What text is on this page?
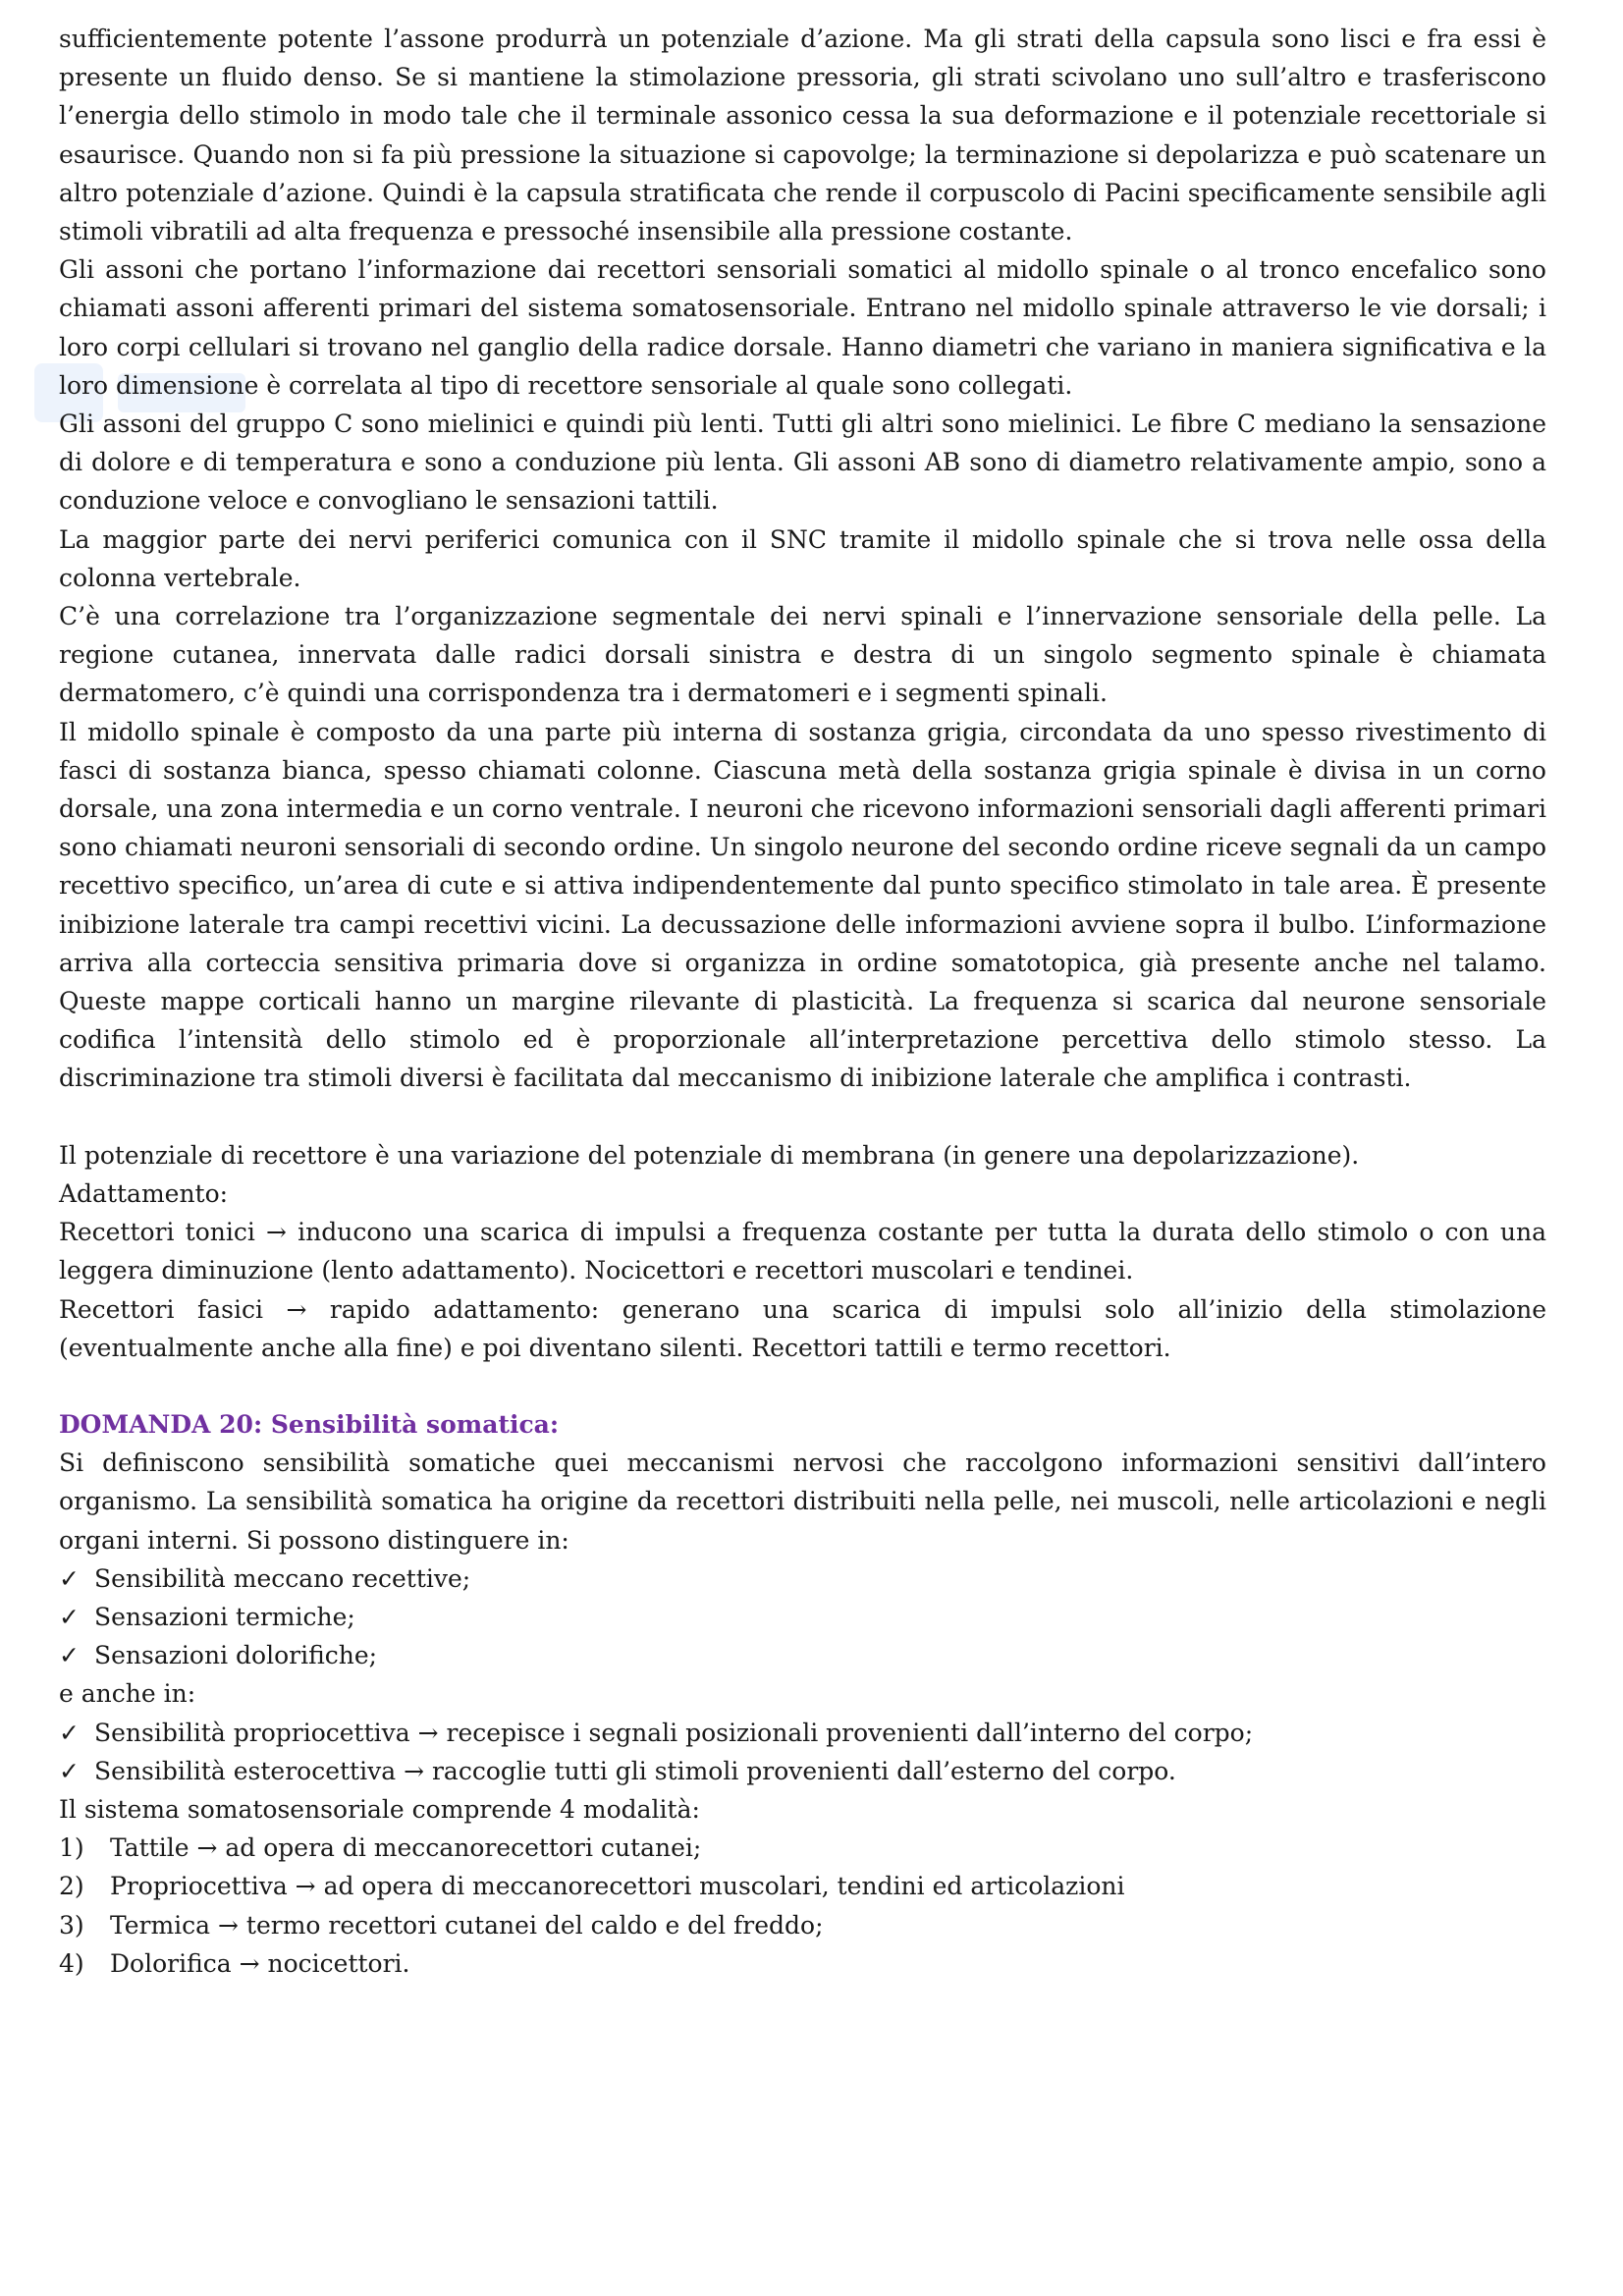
sufficientemente potente l’assone produrrà un potenziale d’azione. Ma gli strati della capsula sono lisci e fra essi è presente un fluido denso. Se si mantiene la stimolazione pressoria, gli strati scivolano uno sull’altro e trasferiscono l’energia dello stimolo in modo tale che il terminale assonico cessa la sua deformazione e il potenziale recettoriale si esaurisce. Quando non si fa più pressione la situazione si capovolge; la terminazione si depolarizza e può scatenare un altro potenziale d’azione. Quindi è la capsula stratificata che rende il corpuscolo di Pacini specificamente sensibile agli stimoli vibratili ad alta frequenza e pressoché insensibile alla pressione costante.

Gli assoni che portano l’informazione dai recettori sensoriali somatici al midollo spinale o al tronco encefalico sono chiamati assoni afferenti primari del sistema somatosensoriale. Entrano nel midollo spinale attraverso le vie dorsali; i loro corpi cellulari si trovano nel ganglio della radice dorsale. Hanno diametri che variano in maniera significativa e la loro dimensione è correlata al tipo di recettore sensoriale al quale sono collegati.

Gli assoni del gruppo C sono mielinici e quindi più lenti. Tutti gli altri sono mielinici. Le fibre C mediano la sensazione di dolore e di temperatura e sono a conduzione più lenta. Gli assoni AB sono di diametro relativamente ampio, sono a conduzione veloce e convogliano le sensazioni tattili.

La maggior parte dei nervi periferici comunica con il SNC tramite il midollo spinale che si trova nelle ossa della colonna vertebrale.

C’è una correlazione tra l’organizzazione segmentale dei nervi spinali e l’innervazione sensoriale della pelle. La regione cutanea, innervata dalle radici dorsali sinistra e destra di un singolo segmento spinale è chiamata dermatomero, c’è quindi una corrispondenza tra i dermatomeri e i segmenti spinali.

Il midollo spinale è composto da una parte più interna di sostanza grigia, circondata da uno spesso rivestimento di fasci di sostanza bianca, spesso chiamati colonne. Ciascuna metà della sostanza grigia spinale è divisa in un corno dorsale, una zona intermedia e un corno ventrale. I neuroni che ricevono informazioni sensoriali dagli afferenti primari sono chiamati neuroni sensoriali di secondo ordine. Un singolo neurone del secondo ordine riceve segnali da un campo recettivo specifico, un’area di cute e si attiva indipendentemente dal punto specifico stimolato in tale area. È presente inibizione laterale tra campi recettivi vicini. La decussazione delle informazioni avviene sopra il bulbo. L’informazione arriva alla corteccia sensitiva primaria dove si organizza in ordine somatotopica, già presente anche nel talamo. Queste mappe corticali hanno un margine rilevante di plasticità. La frequenza si scarica dal neurone sensoriale codifica l’intensità dello stimolo ed è proporzionale all’interpretazione percettiva dello stimolo stesso. La discriminazione tra stimoli diversi è facilitata dal meccanismo di inibizione laterale che amplifica i contrasti.

Il potenziale di recettore è una variazione del potenziale di membrana (in genere una depolarizzazione).

Adattamento:

Recettori tonici → inducono una scarica di impulsi a frequenza costante per tutta la durata dello stimolo o con una leggera diminuzione (lento adattamento). Nocicettori e recettori muscolari e tendinei.

Recettori fasici → rapido adattamento: generano una scarica di impulsi solo all’inizio della stimolazione (eventualmente anche alla fine) e poi diventano silenti. Recettori tattili e termo recettori.

DOMANDA 20: Sensibilità somatica:

Si definiscono sensibilità somatiche quei meccanismi nervosi che raccolgono informazioni sensitivi dall’intero organismo. La sensibilità somatica ha origine da recettori distribuiti nella pelle, nei muscoli, nelle articolazioni e negli organi interni. Si possono distinguere in:

✓ Sensibilità meccano recettive;
✓ Sensazioni termiche;
✓ Sensazioni dolorifiche;

e anche in:

✓ Sensibilità propriocettiva → recepisce i segnali posizionali provenienti dall’interno del corpo;
✓ Sensibilità esterocettiva → raccoglie tutti gli stimoli provenienti dall’esterno del corpo.

Il sistema somatosensoriale comprende 4 modalità:

1)	Tattile → ad opera di meccanorecettori cutanei;
2)	Propriocettiva → ad opera di meccanorecettori muscolari, tendini ed articolazioni
3)	Termica → termo recettori cutanei del caldo e del freddo;
4)	Dolorifica → nocicettori.
